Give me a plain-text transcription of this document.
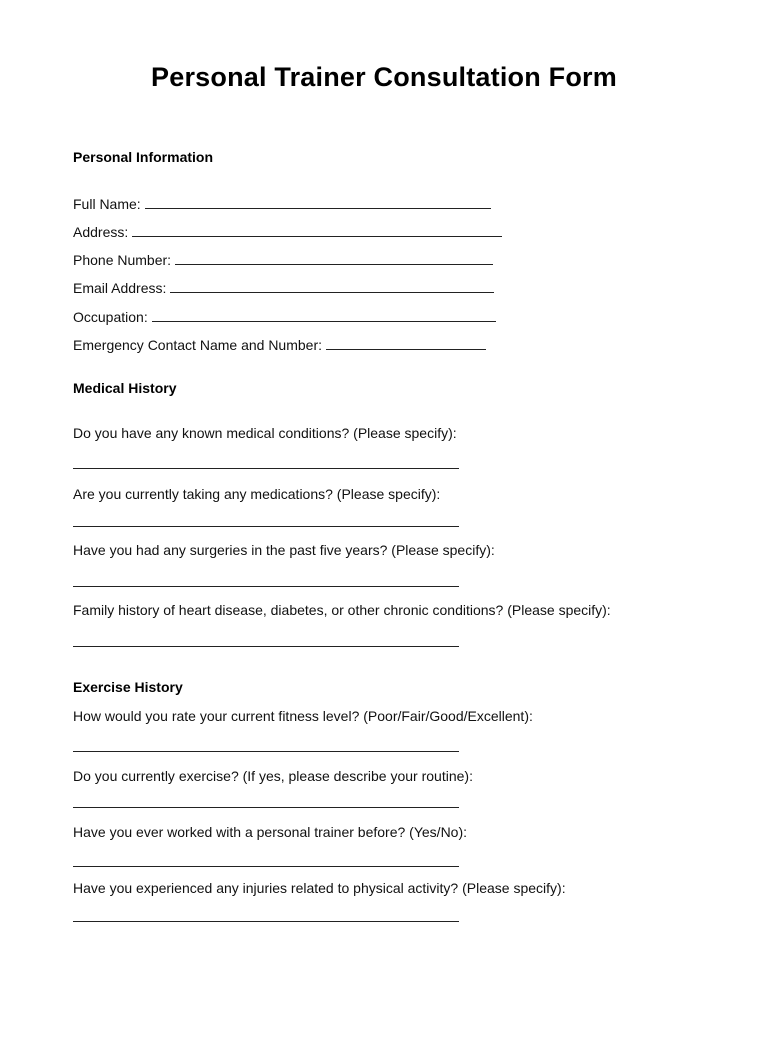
Personal Trainer Consultation Form
Personal Information
Full Name:
Address:
Phone Number:
Email Address:
Occupation:
Emergency Contact Name and Number:
Medical History
Do you have any known medical conditions? (Please specify):
Are you currently taking any medications? (Please specify):
Have you had any surgeries in the past five years? (Please specify):
Family history of heart disease, diabetes, or other chronic conditions? (Please specify):
Exercise History
How would you rate your current fitness level? (Poor/Fair/Good/Excellent):
Do you currently exercise? (If yes, please describe your routine):
Have you ever worked with a personal trainer before? (Yes/No):
Have you experienced any injuries related to physical activity? (Please specify):
